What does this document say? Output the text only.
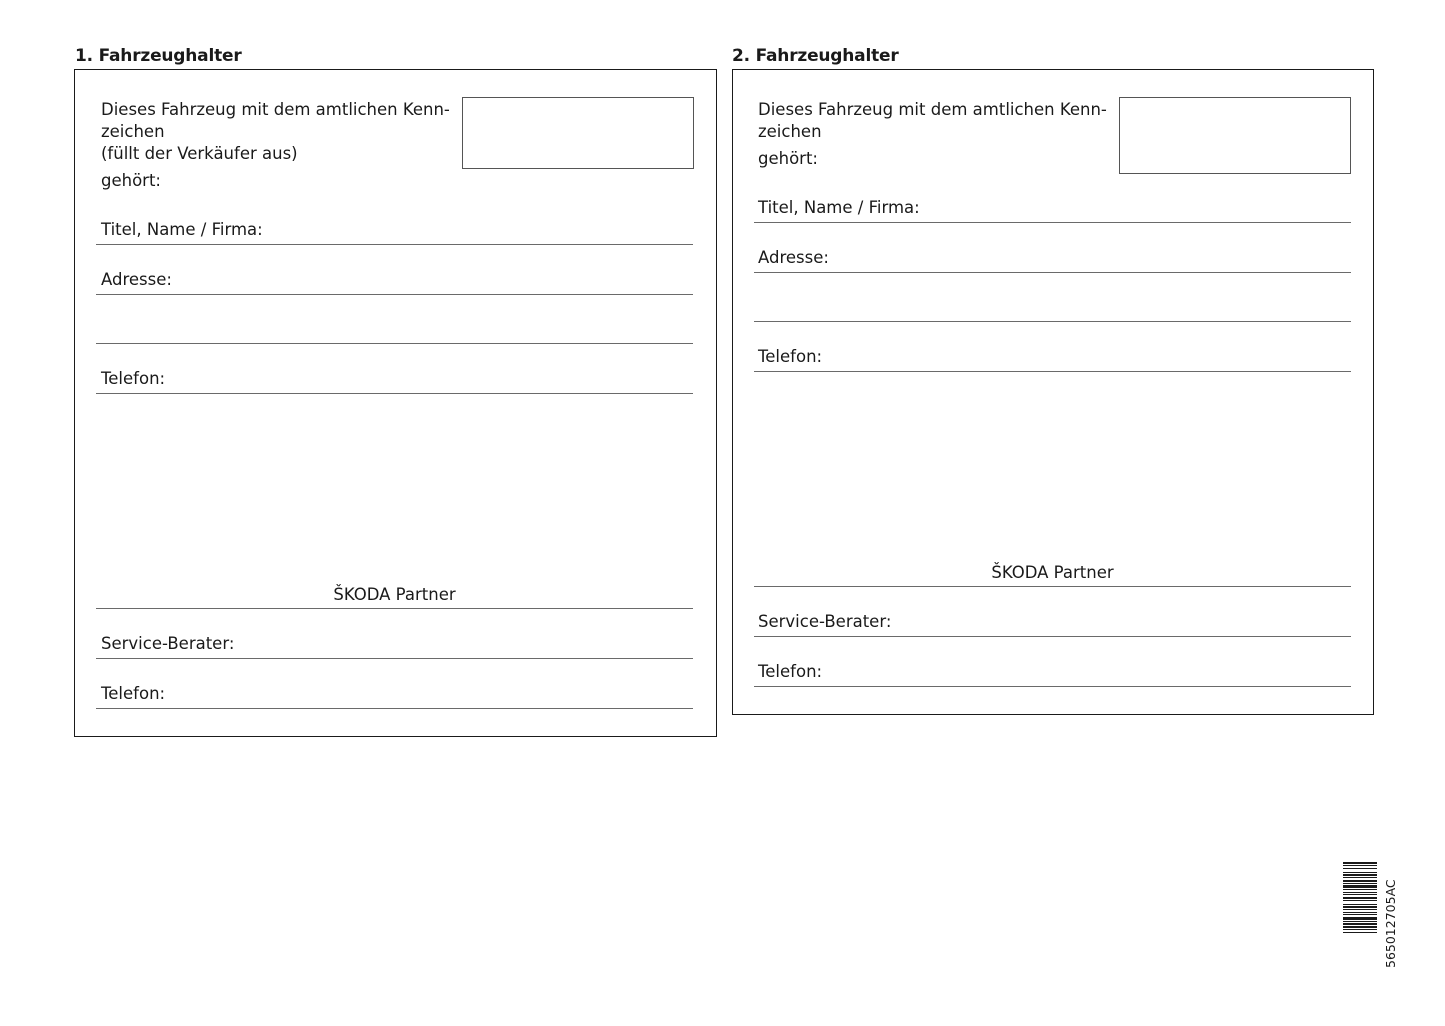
1. Fahrzeughalter
Dieses Fahrzeug mit dem amtlichen Kenn-
zeichen
(füllt der Verkäufer aus)
gehört:
Titel, Name / Firma:
Adresse:
Telefon:
ŠKODA Partner
Service-Berater:
Telefon:
2. Fahrzeughalter
Dieses Fahrzeug mit dem amtlichen Kenn-
zeichen
gehört:
Titel, Name / Firma:
Adresse:
Telefon:
ŠKODA Partner
Service-Berater:
Telefon:
565012705AC
